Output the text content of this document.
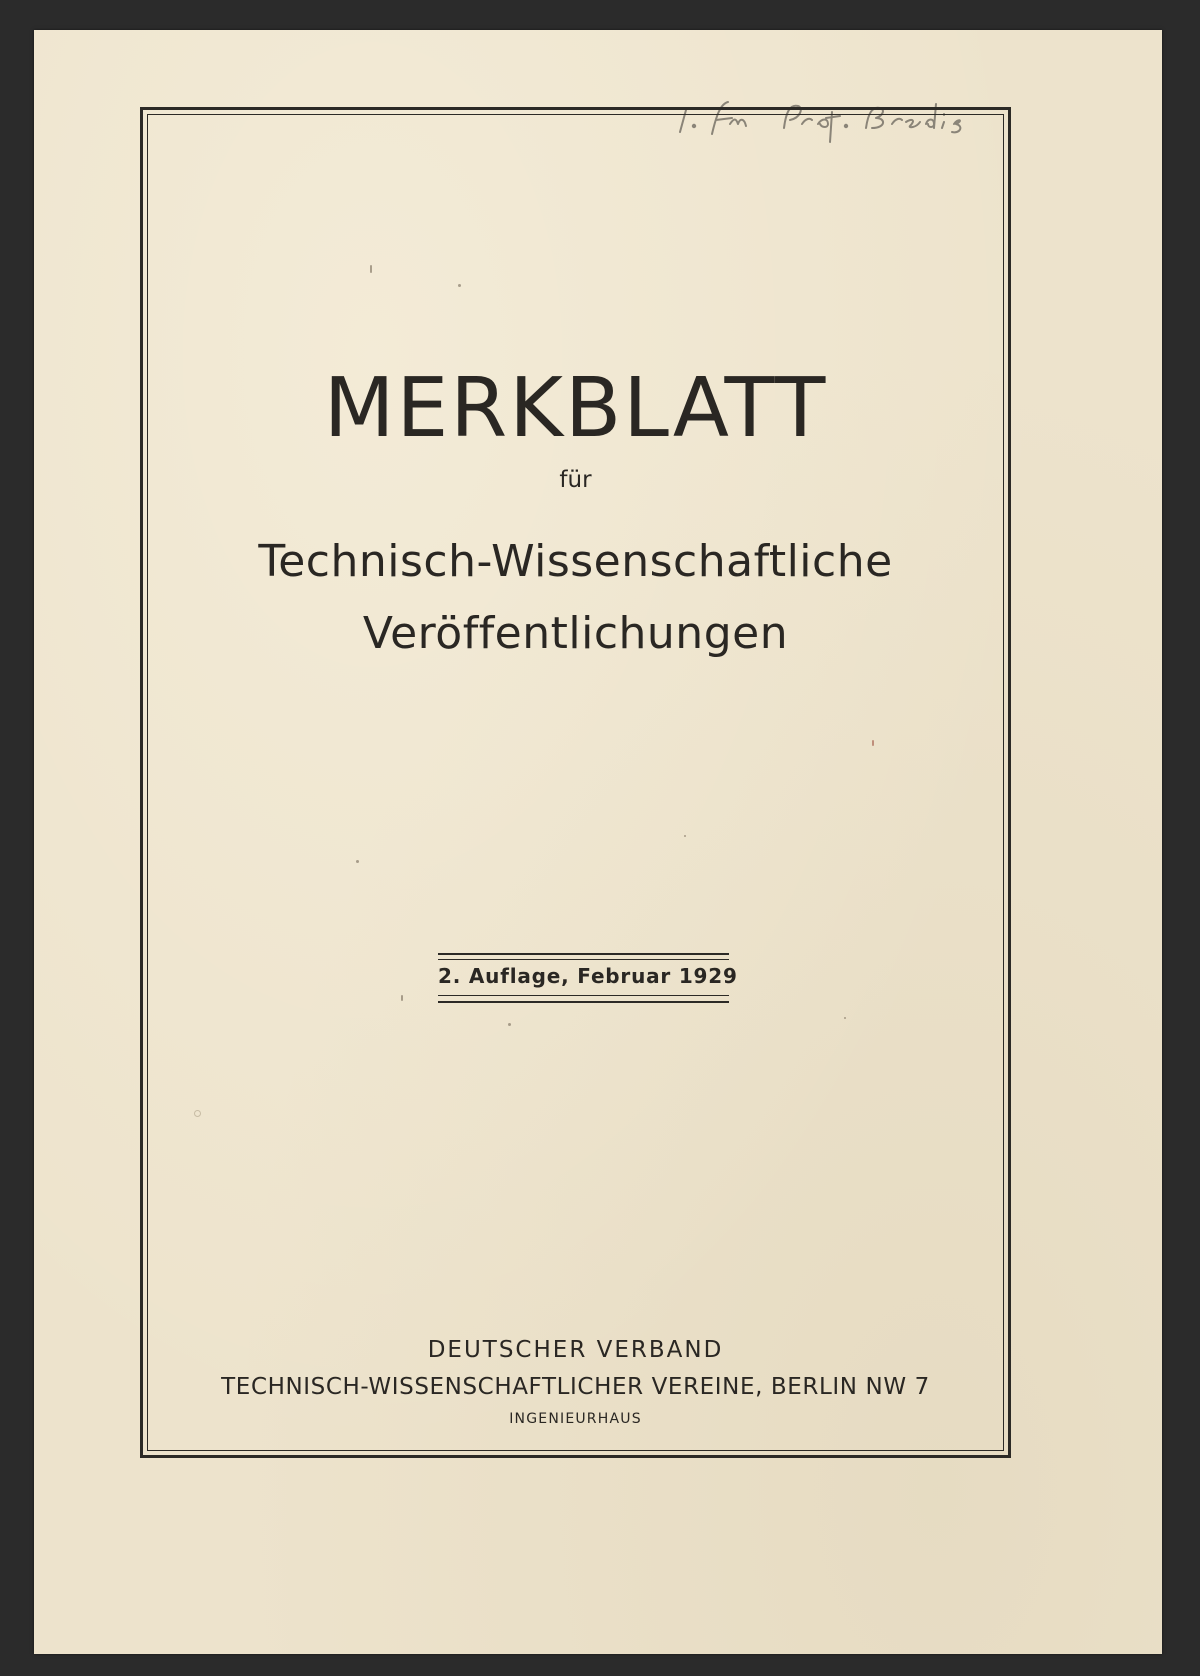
MERKBLATT
für
Technisch-Wissenschaftliche
Veröffentlichungen
2. Auflage, Februar 1929
DEUTSCHER VERBAND
TECHNISCH-WISSENSCHAFTLICHER VEREINE, BERLIN NW 7
INGENIEURHAUS
